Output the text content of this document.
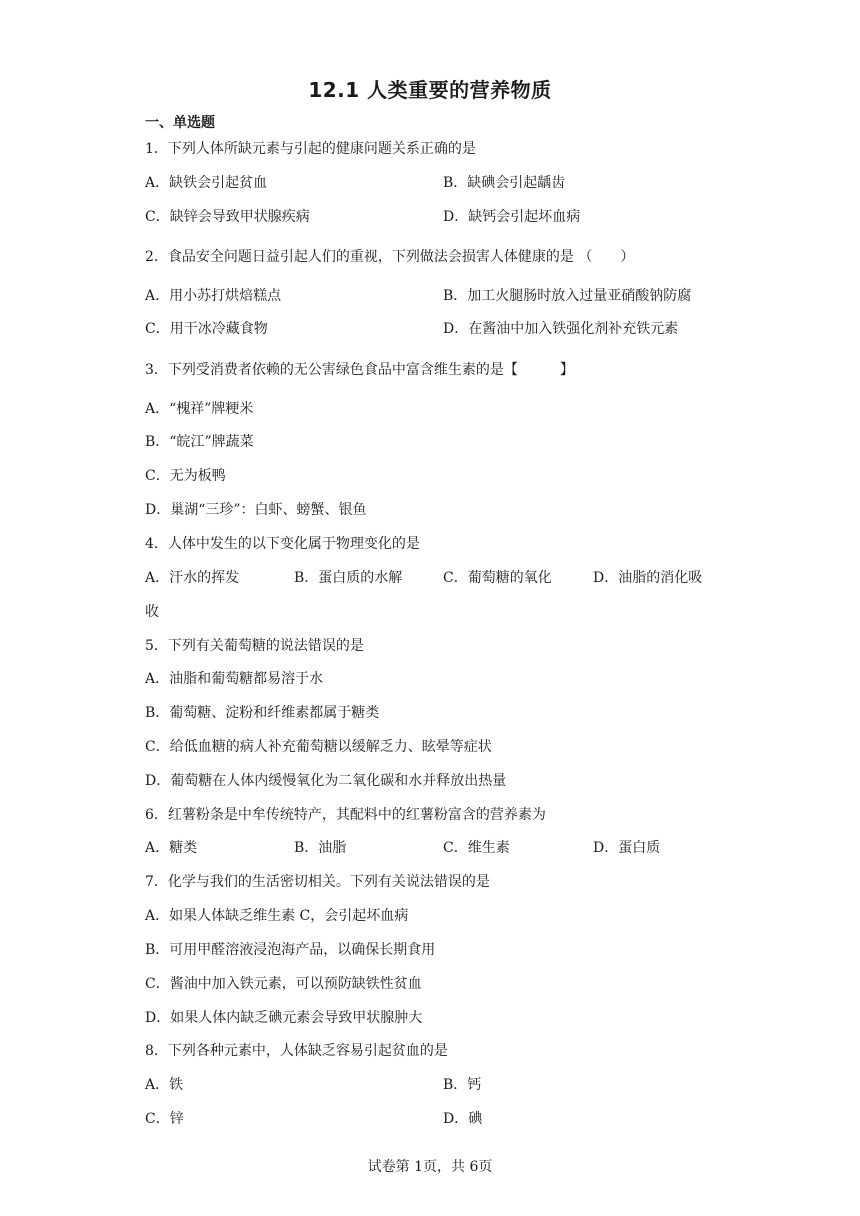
12.1 人类重要的营养物质
一、单选题
1．下列人体所缺元素与引起的健康问题关系正确的是
A．缺铁会引起贫血	B．缺碘会引起龋齿
C．缺锌会导致甲状腺疾病	D．缺钙会引起坏血病
2．食品安全问题日益引起人们的重视，下列做法会损害人体健康的是 （　　）
A．用小苏打烘焙糕点	B．加工火腿肠时放入过量亚硝酸钠防腐
C．用干冰冷藏食物	D．在酱油中加入铁强化剂补充铁元素
3．下列受消费者依赖的无公害绿色食品中富含维生素的是【　　　】
A．“槐祥”牌粳米
B．“皖江”牌蔬菜
C．无为板鸭
D．巢湖“三珍”：白虾、螃蟹、银鱼
4．人体中发生的以下变化属于物理变化的是
A．汗水的挥发	B．蛋白质的水解	C．葡萄糖的氧化	D．油脂的消化吸
收
5．下列有关葡萄糖的说法错误的是
A．油脂和葡萄糖都易溶于水
B．葡萄糖、淀粉和纤维素都属于糖类
C．给低血糖的病人补充葡萄糖以缓解乏力、眩晕等症状
D．葡萄糖在人体内缓慢氧化为二氧化碳和水并释放出热量
6．红薯粉条是中牟传统特产，其配料中的红薯粉富含的营养素为
A．糖类	B．油脂	C．维生素	D．蛋白质
7．化学与我们的生活密切相关。下列有关说法错误的是
A．如果人体缺乏维生素 C，会引起坏血病
B．可用甲醛溶液浸泡海产品，以确保长期食用
C．酱油中加入铁元素，可以预防缺铁性贫血
D．如果人体内缺乏碘元素会导致甲状腺肿大
8．下列各种元素中，人体缺乏容易引起贫血的是
A．铁	B．钙
C．锌	D．碘
试卷第 1页，共 6页
